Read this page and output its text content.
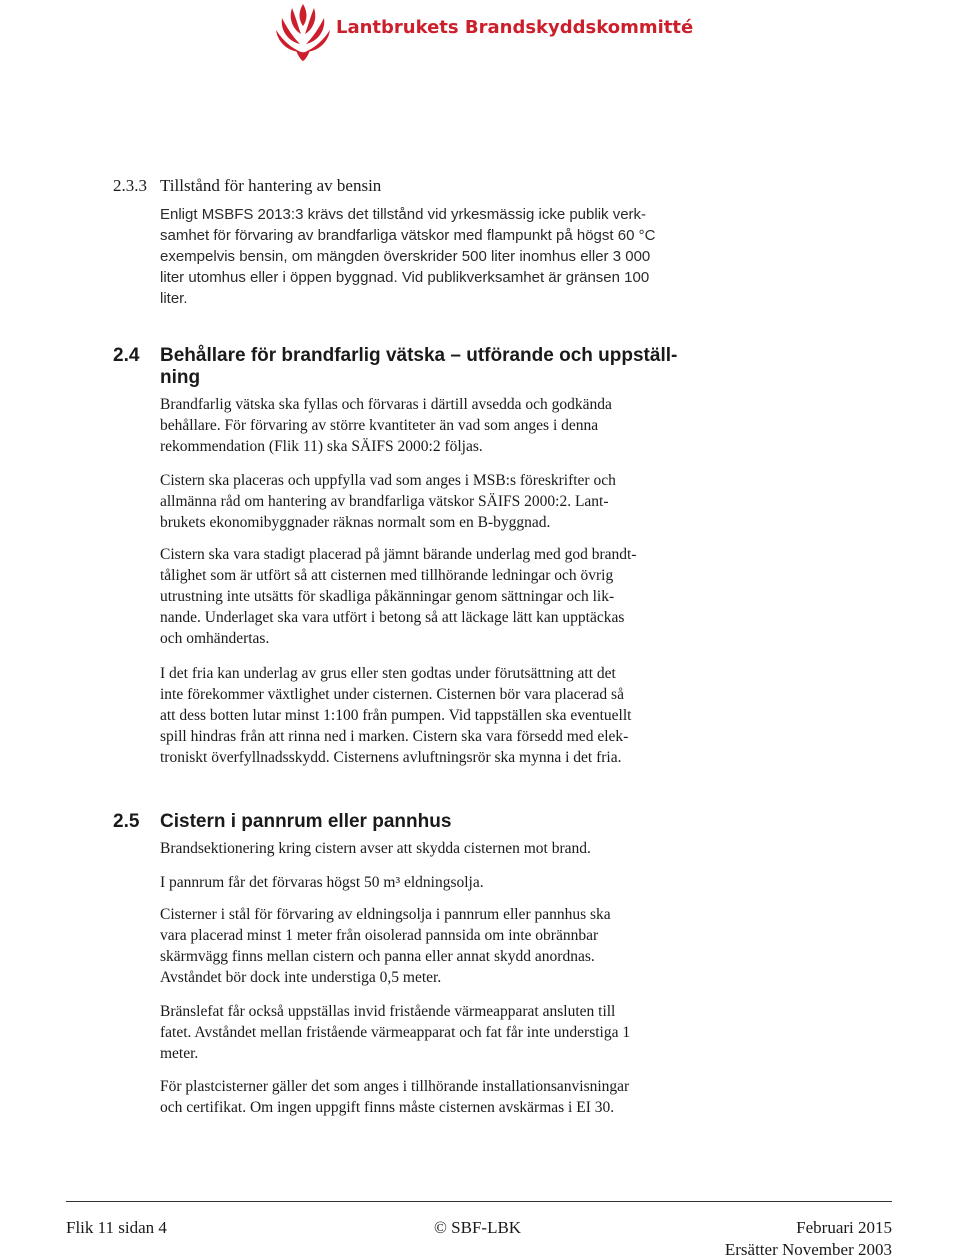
Lantbrukets Brandskyddskommitté
2.3.3 Tillstånd för hantering av bensin
Enligt MSBFS 2013:3 krävs det tillstånd vid yrkesmässig icke publik verk-
samhet för förvaring av brandfarliga vätskor med flampunkt på högst 60 °C
exempelvis bensin, om mängden överskrider 500 liter inomhus eller 3 000
liter utomhus eller i öppen byggnad. Vid publikverksamhet är gränsen 100
liter.
2.4 Behållare för brandfarlig vätska – utförande och uppställ-
ning
Brandfarlig vätska ska fyllas och förvaras i därtill avsedda och godkända
behållare. För förvaring av större kvantiteter än vad som anges i denna
rekommendation (Flik 11) ska SÄIFS 2000:2 följas.
Cistern ska placeras och uppfylla vad som anges i MSB:s föreskrifter och
allmänna råd om hantering av brandfarliga vätskor SÄIFS 2000:2. Lant-
brukets ekonomibyggnader räknas normalt som en B-byggnad.
Cistern ska vara stadigt placerad på jämnt bärande underlag med god brandt-
tålighet som är utfört så att cisternen med tillhörande ledningar och övrig
utrustning inte utsätts för skadliga påkänningar genom sättningar och lik-
nande. Underlaget ska vara utfört i betong så att läckage lätt kan upptäckas
och omhändertas.
I det fria kan underlag av grus eller sten godtas under förutsättning att det
inte förekommer växtlighet under cisternen. Cisternen bör vara placerad så
att dess botten lutar minst 1:100 från pumpen. Vid tappställen ska eventuellt
spill hindras från att rinna ned i marken. Cistern ska vara försedd med elek-
troniskt överfyllnadsskydd. Cisternens avluftningsrör ska mynna i det fria.
2.5 Cistern i pannrum eller pannhus
Brandsektionering kring cistern avser att skydda cisternen mot brand.
I pannrum får det förvaras högst 50 m³ eldningsolja.
Cisterner i stål för förvaring av eldningsolja i pannrum eller pannhus ska
vara placerad minst 1 meter från oisolerad pannsida om inte obrännbar
skärmvägg finns mellan cistern och panna eller annat skydd anordnas.
Avståndet bör dock inte understiga 0,5 meter.
Bränslefat får också uppställas invid fristående värmeapparat ansluten till
fatet. Avståndet mellan fristående värmeapparat och fat får inte understiga 1
meter.
För plastcisterner gäller det som anges i tillhörande installationsanvisningar
och certifikat. Om ingen uppgift finns måste cisternen avskärmas i EI 30.
Flik 11 sidan 4	© SBF-LBK	Februari 2015
Ersätter November 2003
